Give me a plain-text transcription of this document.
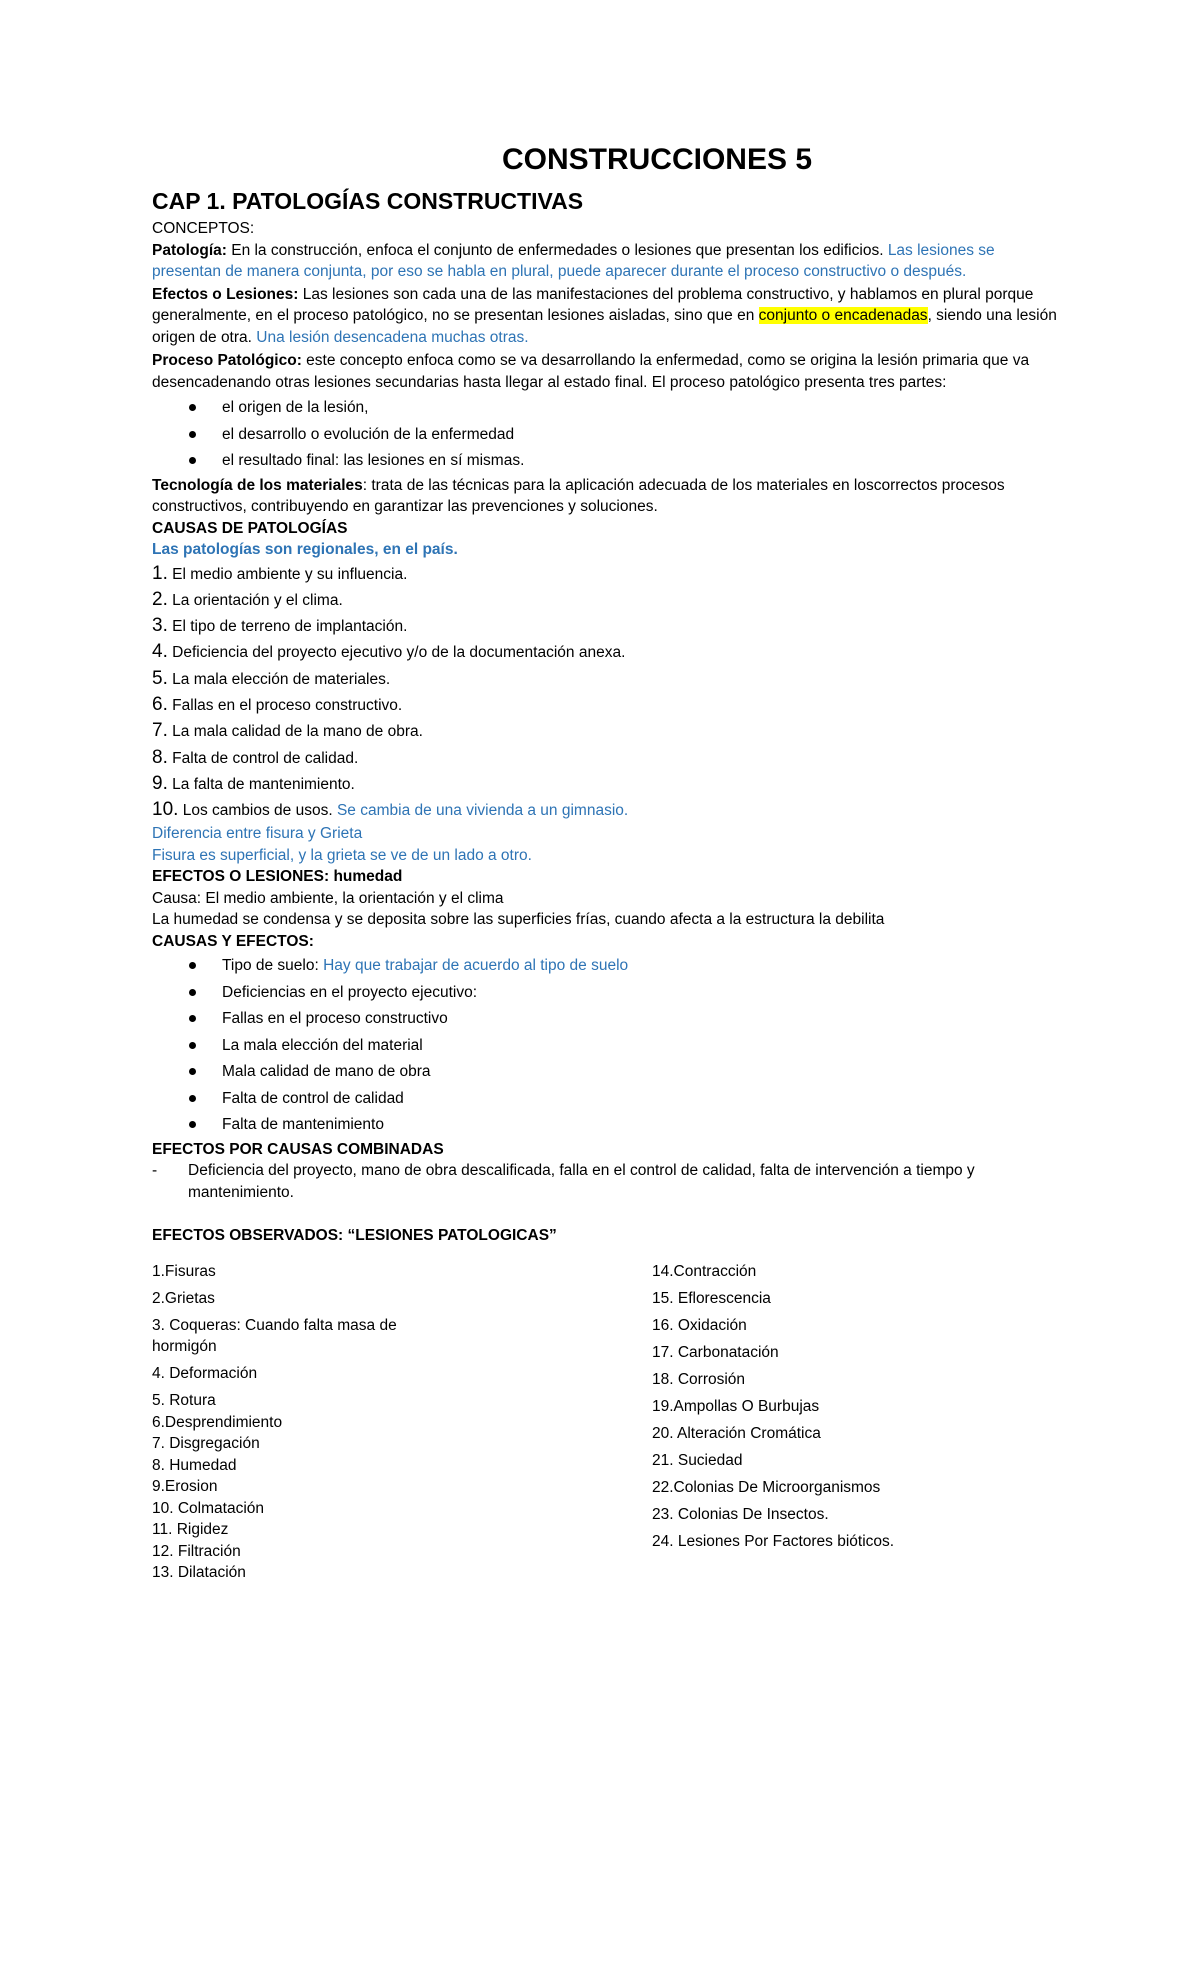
CONSTRUCCIONES 5
CAP 1. PATOLOGÍAS CONSTRUCTIVAS

CONCEPTOS:

Patología: En la construcción, enfoca el conjunto de enfermedades o lesiones que presentan los edificios. Las lesiones se presentan de manera conjunta, por eso se habla en plural, puede aparecer durante el proceso constructivo o después.

Efectos o Lesiones: Las lesiones son cada una de las manifestaciones del problema constructivo, y hablamos en plural porque generalmente, en el proceso patológico, no se presentan lesiones aisladas, sino que en conjunto o encadenadas, siendo una lesión origen de otra. Una lesión desencadena muchas otras.

Proceso Patológico: este concepto enfoca como se va desarrollando la enfermedad, como se origina la lesión primaria que va desencadenando otras lesiones secundarias hasta llegar al estado final. El proceso patológico presenta tres partes:

el origen de la lesión,
el desarrollo o evolución de la enfermedad
el resultado final: las lesiones en sí mismas.

Tecnología de los materiales: trata de las técnicas para la aplicación adecuada de los materiales en loscorrectos procesos constructivos, contribuyendo en garantizar las prevenciones y soluciones.

CAUSAS DE PATOLOGÍAS

Las patologías son regionales, en el país.

1. El medio ambiente y su influencia.
2. La orientación y el clima.
3. El tipo de terreno de implantación.
4. Deficiencia del proyecto ejecutivo y/o de la documentación anexa.
5. La mala elección de materiales.
6. Fallas en el proceso constructivo.
7. La mala calidad de la mano de obra.
8. Falta de control de calidad.
9. La falta de mantenimiento.
10. Los cambios de usos. Se cambia de una vivienda a un gimnasio.

Diferencia entre fisura y Grieta

Fisura es superficial, y la grieta se ve de un lado a otro.

EFECTOS O LESIONES: humedad

Causa: El medio ambiente, la orientación y el clima

La humedad se condensa y se deposita sobre las superficies frías, cuando afecta a la estructura la debilita

CAUSAS Y EFECTOS:

Tipo de suelo: Hay que trabajar de acuerdo al tipo de suelo
Deficiencias en el proyecto ejecutivo:
Fallas en el proceso constructivo
La mala elección del material
Mala calidad de mano de obra
Falta de control de calidad
Falta de mantenimiento

EFECTOS POR CAUSAS COMBINADAS

- Deficiencia del proyecto, mano de obra descalificada, falla en el control de calidad, falta de intervención a tiempo y mantenimiento.

EFECTOS OBSERVADOS: “LESIONES PATOLOGICAS”

1.Fisuras
2.Grietas
3. Coqueras: Cuando falta masa de hormigón
4. Deformación
5. Rotura
6.Desprendimiento
7. Disgregación
8. Humedad
9.Erosion
10. Colmatación
11. Rigidez
12. Filtración
13. Dilatación
14.Contracción
15. Eflorescencia
16. Oxidación
17. Carbonatación
18. Corrosión
19.Ampollas O Burbujas
20. Alteración Cromática
21. Suciedad
22.Colonias De Microorganismos
23. Colonias De Insectos.
24. Lesiones Por Factores bióticos.
